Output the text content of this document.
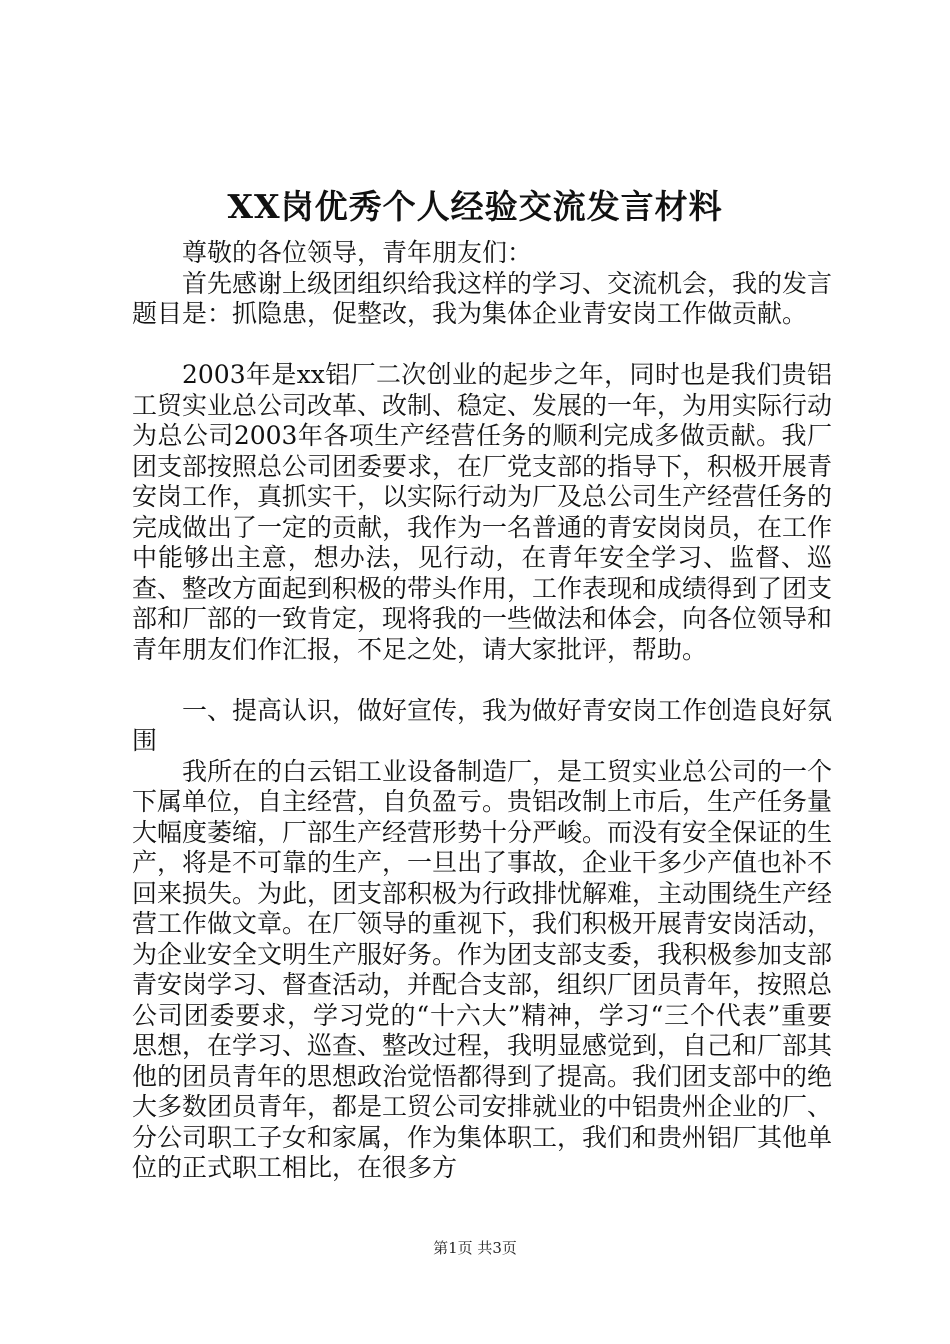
XX岗优秀个人经验交流发言材料

尊敬的各位领导，青年朋友们：

首先感谢上级团组织给我这样的学习、交流机会，我的发言题目是：抓隐患，促整改，我为集体企业青安岗工作做贡献。

2003年是xx铝厂二次创业的起步之年，同时也是我们贵铝工贸实业总公司改革、改制、稳定、发展的一年，为用实际行动为总公司2003年各项生产经营任务的顺利完成多做贡献。我厂团支部按照总公司团委要求，在厂党支部的指导下，积极开展青安岗工作，真抓实干，以实际行动为厂及总公司生产经营任务的完成做出了一定的贡献，我作为一名普通的青安岗岗员，在工作中能够出主意，想办法，见行动，在青年安全学习、监督、巡查、整改方面起到积极的带头作用，工作表现和成绩得到了团支部和厂部的一致肯定，现将我的一些做法和体会，向各位领导和青年朋友们作汇报，不足之处，请大家批评，帮助。

一、提高认识，做好宣传，我为做好青安岗工作创造良好氛围

我所在的白云铝工业设备制造厂，是工贸实业总公司的一个下属单位，自主经营，自负盈亏。贵铝改制上市后，生产任务量大幅度萎缩，厂部生产经营形势十分严峻。而没有安全保证的生产，将是不可靠的生产，一旦出了事故，企业干多少产值也补不回来损失。为此，团支部积极为行政排忧解难，主动围绕生产经营工作做文章。在厂领导的重视下，我们积极开展青安岗活动，为企业安全文明生产服好务。作为团支部支委，我积极参加支部青安岗学习、督查活动，并配合支部，组织厂团员青年，按照总公司团委要求，学习党的“十六大”精神，学习“三个代表”重要思想，在学习、巡查、整改过程，我明显感觉到，自己和厂部其他的团员青年的思想政治觉悟都得到了提高。我们团支部中的绝大多数团员青年，都是工贸公司安排就业的中铝贵州企业的厂、分公司职工子女和家属，作为集体职工，我们和贵州铝厂其他单位的正式职工相比，在很多方

第1页 共3页
